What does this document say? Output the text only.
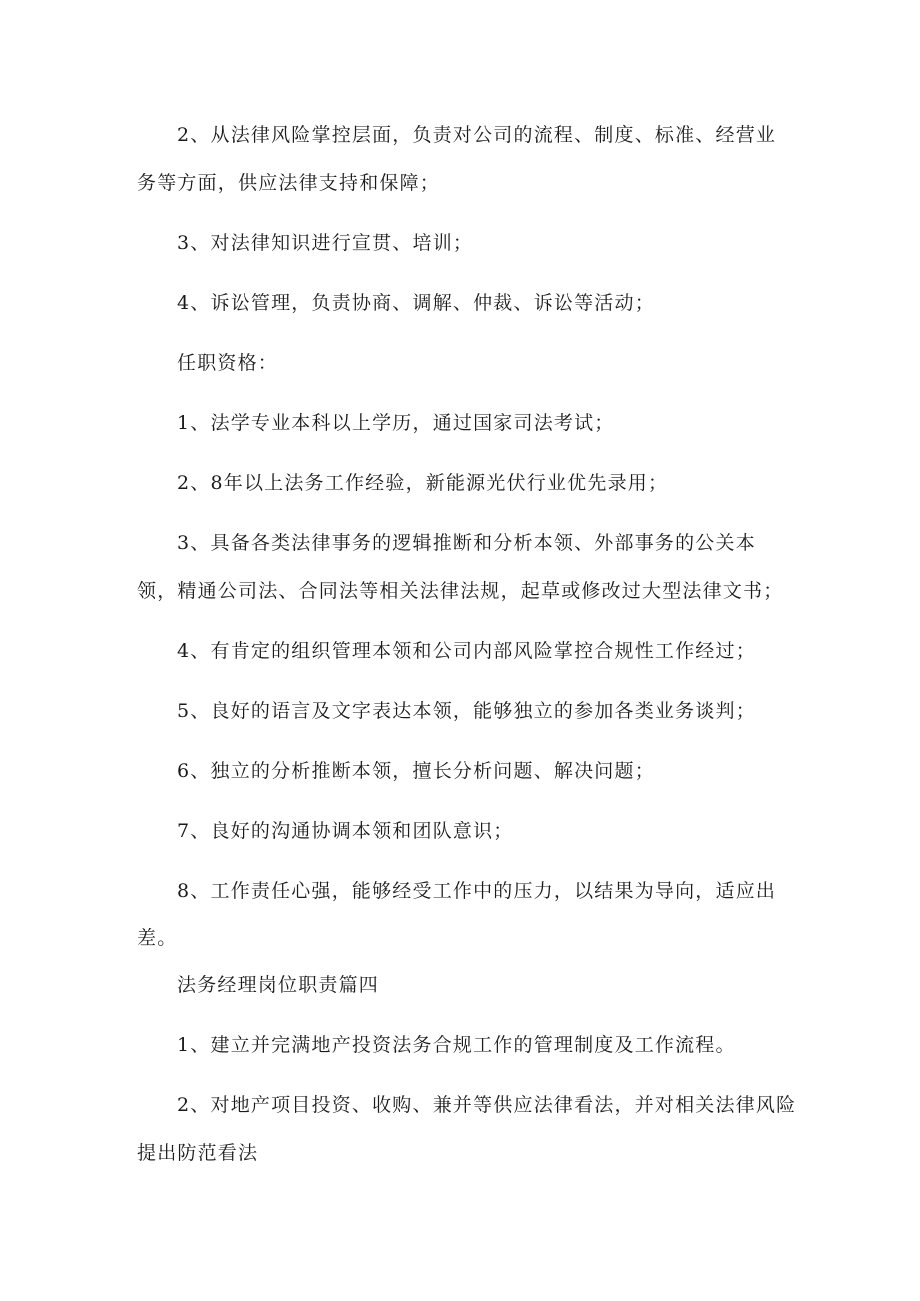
2、从法律风险掌控层面，负责对公司的流程、制度、标准、经营业
务等方面，供应法律支持和保障；
3、对法律知识进行宣贯、培训；
4、诉讼管理，负责协商、调解、仲裁、诉讼等活动；
任职资格：
1、法学专业本科以上学历，通过国家司法考试；
2、8年以上法务工作经验，新能源光伏行业优先录用；
3、具备各类法律事务的逻辑推断和分析本领、外部事务的公关本
领，精通公司法、合同法等相关法律法规，起草或修改过大型法律文书；
4、有肯定的组织管理本领和公司内部风险掌控合规性工作经过；
5、良好的语言及文字表达本领，能够独立的参加各类业务谈判；
6、独立的分析推断本领，擅长分析问题、解决问题；
7、良好的沟通协调本领和团队意识；
8、工作责任心强，能够经受工作中的压力，以结果为导向，适应出
差。
法务经理岗位职责篇四
1、建立并完满地产投资法务合规工作的管理制度及工作流程。
2、对地产项目投资、收购、兼并等供应法律看法，并对相关法律风险
提出防范看法
